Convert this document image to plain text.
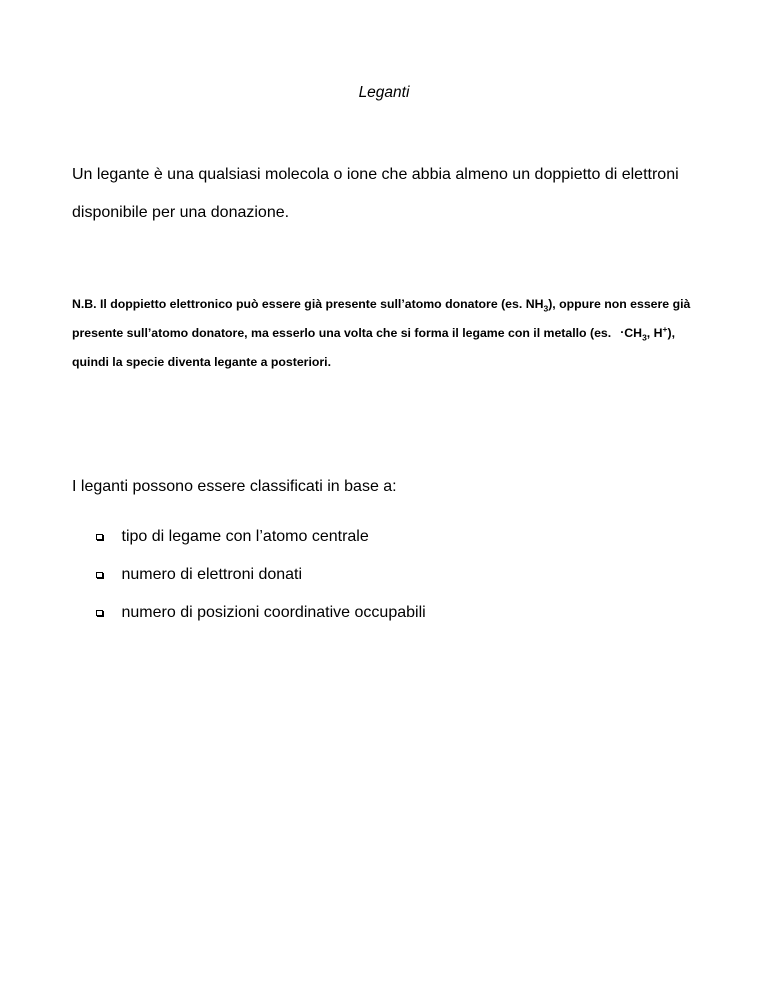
Leganti

Un legante è una qualsiasi molecola o ione che abbia almeno un doppietto di elettroni disponibile per una donazione.

N.B. Il doppietto elettronico può essere già presente sull’atomo donatore (es. $NH_3$), oppure non essere già presente sull’atomo donatore, ma esserlo una volta che si forma il legame con il metallo (es. $\cdot CH_3$, H+), quindi la specie diventa legante a posteriori.

I leganti possono essere classificati in base a:
tipo di legame con l’atomo centrale
numero di elettroni donati
numero di posizioni coordinative occupabili
